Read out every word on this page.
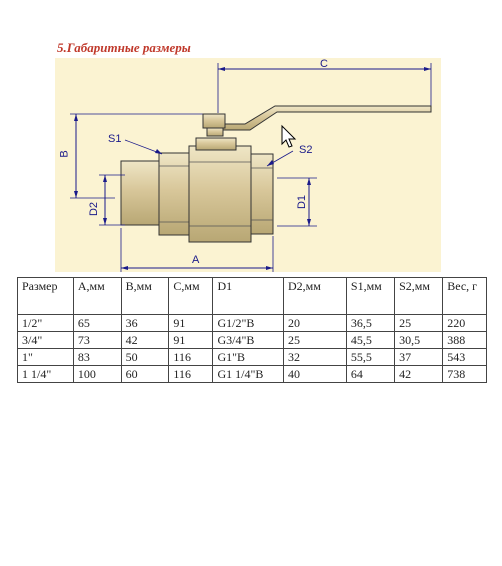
5.Габаритные размеры
C
B
S1
S2
D2	D1
A
Размер	А,мм	В,мм	С,мм	D1	D2,мм	S1,мм	S2,мм	Вес, г
1/2"	65	36	91	G1/2"B	20	36,5	25	220
3/4"	73	42	91	G3/4"B	25	45,5	30,5	388
1"	83	50	116	G1"B	32	55,5	37	543
1 1/4"	100	60	116	G1 1/4"B	40	64	42	738
